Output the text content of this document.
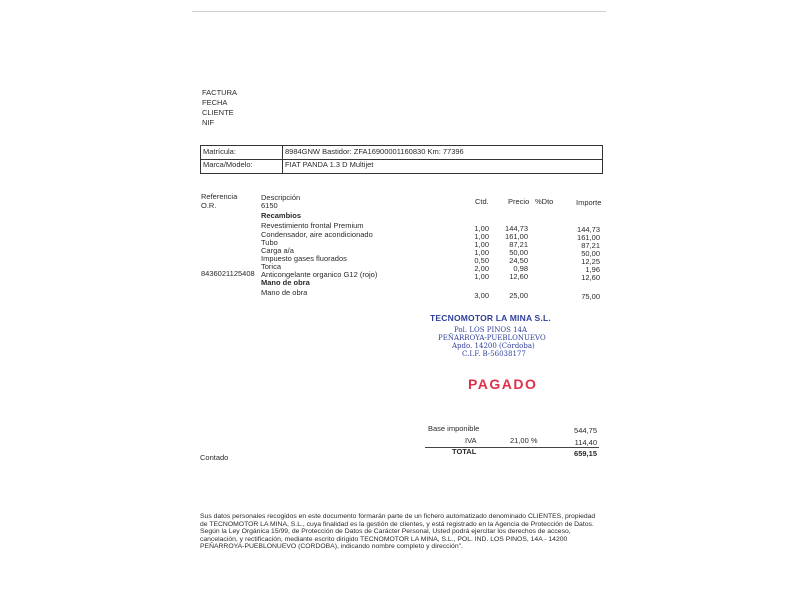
FACTURA
FECHA
CLIENTE
NIF
Matrícula:	8984GNW Bastidor: ZFA16900001160830 Km: 77396
Marca/Modelo:	FIAT PANDA 1.3 D Multijet
Referencia
O.R.
Descripción
6150	Ctd.	Precio %Dto	Importe
Recambios
Revestimiento frontal Premium	1,00 144,73	144,73
Condensador, aire acondicionado	1,00 161,00	161,00
Tubo	1,00	87,21	87,21
Carga a/a	1,00	50,00	50,00
Impuesto gases fluorados	0,50	24,50	12,25
Torica	2,00	0,98	1,96
8436021125408 Anticongelante organico G12 (rojo)	1,00	12,60	12,60
Mano de obra
Mano de obra	3,00	25,00	75,00
TECNOMOTOR LA MINA S.L.
Pol. LOS PINOS 14A
PEÑARROYA-PUEBLONUEVO
Apdo. 14200 (Córdoba)
C.I.F. B-56038177
PAGADO
Base imponible	544,75
IVA	21,00 %	114,40
TOTAL	659,15
Contado
Sus datos personales recogidos en este documento formarán parte de un fichero automatizado denominado CLIENTES, propiedad
de TECNOMOTOR LA MINA, S.L., cuya finalidad es la gestión de clientes, y está registrado en la Agencia de Protección de Datos.
Según la Ley Orgánica 15/99, de Protección de Datos de Carácter Personal, Usted podrá ejercitar los derechos de acceso,
cancelación, y rectificación, mediante escrito dirigido TECNOMOTOR LA MINA, S.L., POL. IND. LOS PINOS, 14A - 14200
PEÑARROYA-PUEBLONUEVO (CORDOBA), indicando nombre completo y dirección".
